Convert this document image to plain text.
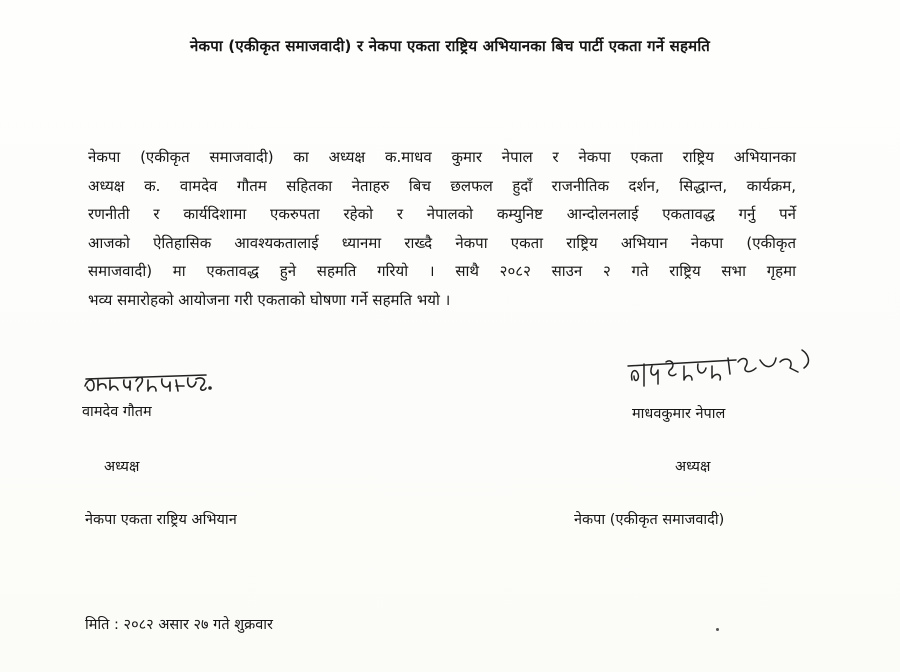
नेकपा (एकीकृत समाजवादी) र नेकपा एकता राष्ट्रिय अभियानका बिच पार्टी एकता गर्ने सहमति
नेकपा (एकीकृत समाजवादी) का अध्यक्ष क.माधव कुमार नेपाल र नेकपा एकता राष्ट्रिय अभियानका
अध्यक्ष क. वामदेव गौतम सहितका नेताहरु बिच छलफल हुदाँ राजनीतिक दर्शन, सिद्धान्त, कार्यक्रम,
रणनीती र कार्यदिशामा एकरुपता रहेको र नेपालको कम्युनिष्ट आन्दोलनलाई एकतावद्ध गर्नु पर्ने
आजको ऐतिहासिक आवश्यकतालाई ध्यानमा राख्दै नेकपा एकता राष्ट्रिय अभियान नेकपा (एकीकृत
समाजवादी) मा एकतावद्ध हुने सहमति गरियो । साथै २०८२ साउन २ गते राष्ट्रिय सभा गृहमा
भव्य समारोहको आयोजना गरी एकताको घोषणा गर्ने सहमति भयो ।
वामदेव गौतम
अध्यक्ष
नेकपा एकता राष्ट्रिय अभियान
माधवकुमार नेपाल
अध्यक्ष
नेकपा (एकीकृत समाजवादी)
मिति : २०८२ असार २७ गते शुक्रवार
